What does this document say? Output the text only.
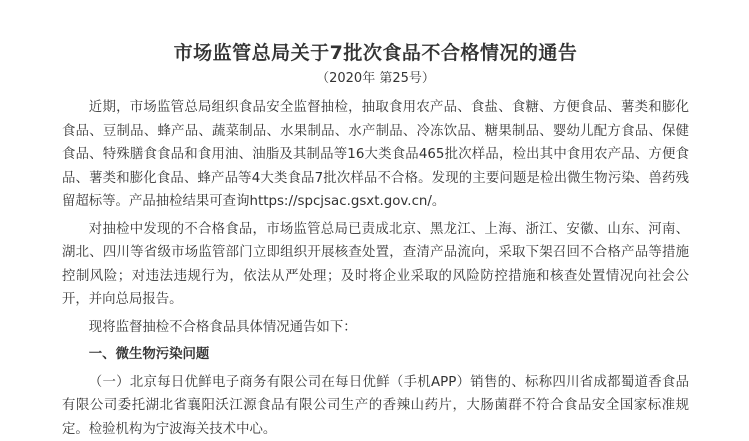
市场监管总局关于7批次食品不合格情况的通告
（2020年 第25号）

近期，市场监管总局组织食品安全监督抽检，抽取食用农产品、食盐、食糖、方便食品、薯类和膨化食品、豆制品、蜂产品、蔬菜制品、水果制品、水产制品、冷冻饮品、糖果制品、婴幼儿配方食品、保健食品、特殊膳食食品和食用油、油脂及其制品等16大类食品465批次样品，检出其中食用农产品、方便食品、薯类和膨化食品、蜂产品等4大类食品7批次样品不合格。发现的主要问题是检出微生物污染、兽药残留超标等。产品抽检结果可查询https://spcjsac.gsxt.gov.cn/。

对抽检中发现的不合格食品，市场监管总局已责成北京、黑龙江、上海、浙江、安徽、山东、河南、湖北、四川等省级市场监管部门立即组织开展核查处置，查清产品流向，采取下架召回不合格产品等措施控制风险；对违法违规行为，依法从严处理；及时将企业采取的风险防控措施和核查处置情况向社会公开，并向总局报告。

现将监督抽检不合格食品具体情况通告如下：

一、微生物污染问题

（一）北京每日优鲜电子商务有限公司在每日优鲜（手机APP）销售的、标称四川省成都蜀道香食品有限公司委托湖北省襄阳沃江源食品有限公司生产的香辣山药片，大肠菌群不符合食品安全国家标准规定。检验机构为宁波海关技术中心。
